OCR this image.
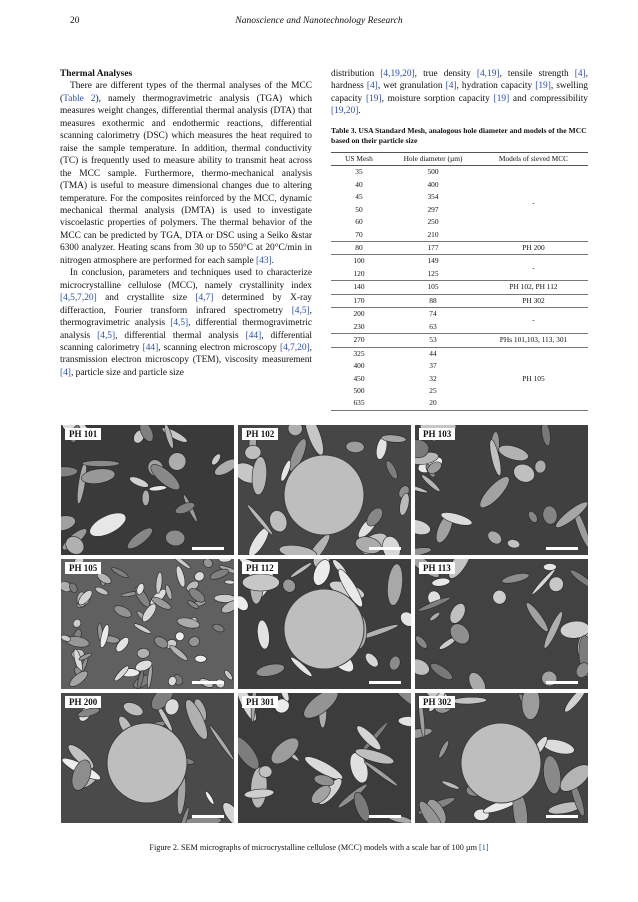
20	Nanoscience and Nanotechnology Research
Thermal Analyses

There are different types of the thermal analyses of the MCC (Table 2), namely thermogravimetric analysis (TGA) which measures weight changes, differential thermal analysis (DTA) that measures exothermic and endothermic reactions, differential scanning calorimetry (DSC) which measures the heat required to raise the sample temperature. In addition, thermal conductivity (TC) is frequently used to measure ability to transmit heat across the MCC sample. Furthermore, thermo-mechanical analysis (TMA) is useful to measure dimensional changes due to altering temperature. For the composites reinforced by the MCC, dynamic mechanical thermal analysis (DMTA) is used to investigate viscoelastic properties of polymers. The thermal behavior of the MCC can be predicted by TGA, DTA or DSC using a Seiko &star 6300 analyzer. Heating scans from 30 up to 550°C at 20°C/min in nitrogen atmosphere are performed for each sample [43].

In conclusion, parameters and techniques used to characterize microcrystalline cellulose (MCC), namely crystallinity index [4,5,7,20] and crystallite size [4,7] determined by X-ray differaction, Fourier transform infrared spectrometry [4,5], thermogravimetric analysis [4,5], differential thermogravimetric analysis [4,5], differential thermal analysis [44], differential scanning calorimetry [44], scanning electron microscopy [4,7,20], transmission electron microscopy (TEM), viscosity measurement [4], particle size and particle size

distribution [4,19,20], true density [4,19], tensile strength [4], hardness [4], wet granulation [4], hydration capacity [19], swelling capacity [19], moisture sorption capacity [19] and compressibility [19,20].

Table 3. USA Standard Mesh, analogous hole diameter and models of the MCC based on their particle size
US Mesh	Hole diameter (µm)	Models of sieved MCC
35	500	-
40	400	
45	354	
50	297	
60	250	
70	210	
80	177	PH 200
100	149	-
120	125	
140	105	PH 102, PH 112
170	88	PH 302
200	74	-
230	63	
270	53	PHs 101,103, 113, 301
325	44	PH 105
400	37	
450	32	
500	25	
635	20	
PH 101	PH 102	PH 103
PH 105	PH 112	PH 113
PH 200	PH 301	PH 302
Figure 2. SEM micrographs of microcrystalline cellulose (MCC) models with a scale bar of 100 µm [1]
